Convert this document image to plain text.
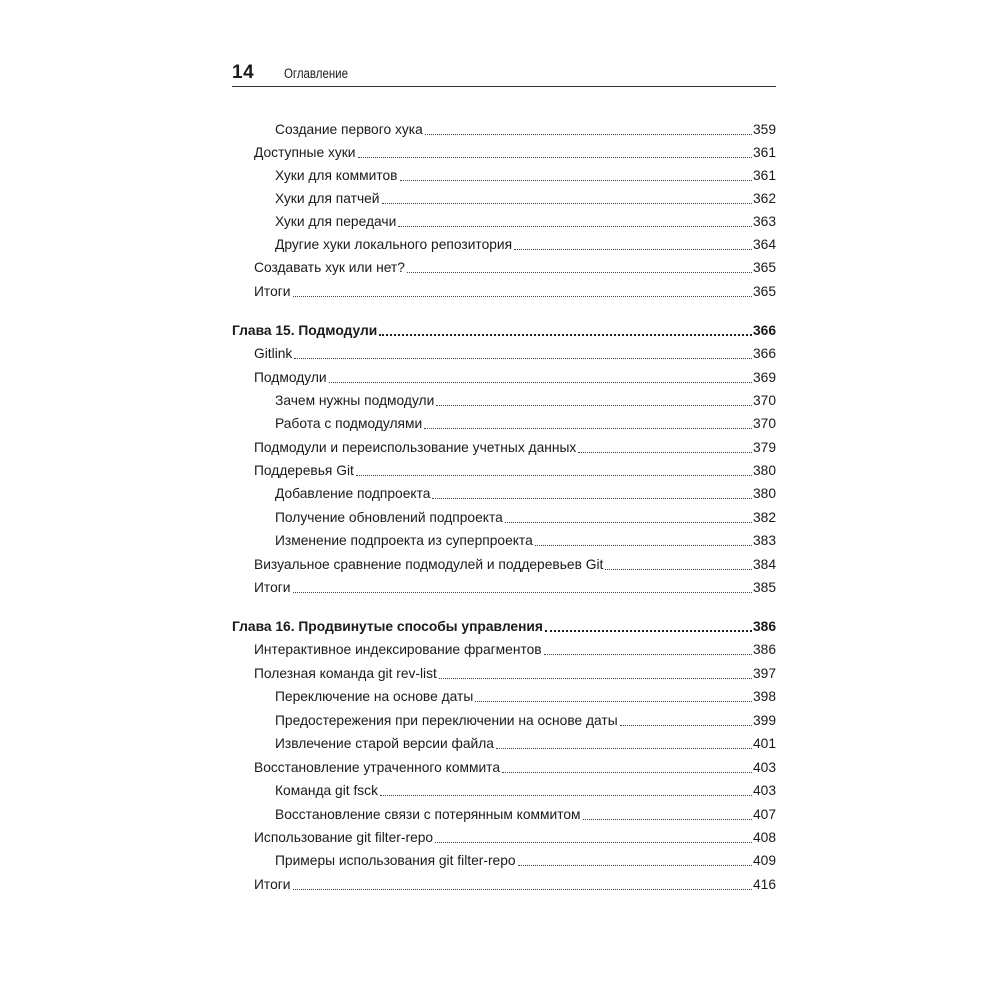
14 Оглавление
Создание первого хука	359
Доступные хуки	361
Хуки для коммитов	361
Хуки для патчей	362
Хуки для передачи	363
Другие хуки локального репозитория	364
Создавать хук или нет?	365
Итоги	365
Глава 15. Подмодули	366
Gitlink	366
Подмодули	369
Зачем нужны подмодули	370
Работа с подмодулями	370
Подмодули и переиспользование учетных данных	379
Поддеревья Git	380
Добавление подпроекта	380
Получение обновлений подпроекта	382
Изменение подпроекта из суперпроекта	383
Визуальное сравнение подмодулей и поддеревьев Git	384
Итоги	385
Глава 16. Продвинутые способы управления	386
Интерактивное индексирование фрагментов	386
Полезная команда git rev-list	397
Переключение на основе даты	398
Предостережения при переключении на основе даты	399
Извлечение старой версии файла	401
Восстановление утраченного коммита	403
Команда git fsck	403
Восстановление связи с потерянным коммитом	407
Использование git filter-repo	408
Примеры использования git filter-repo	409
Итоги	416
